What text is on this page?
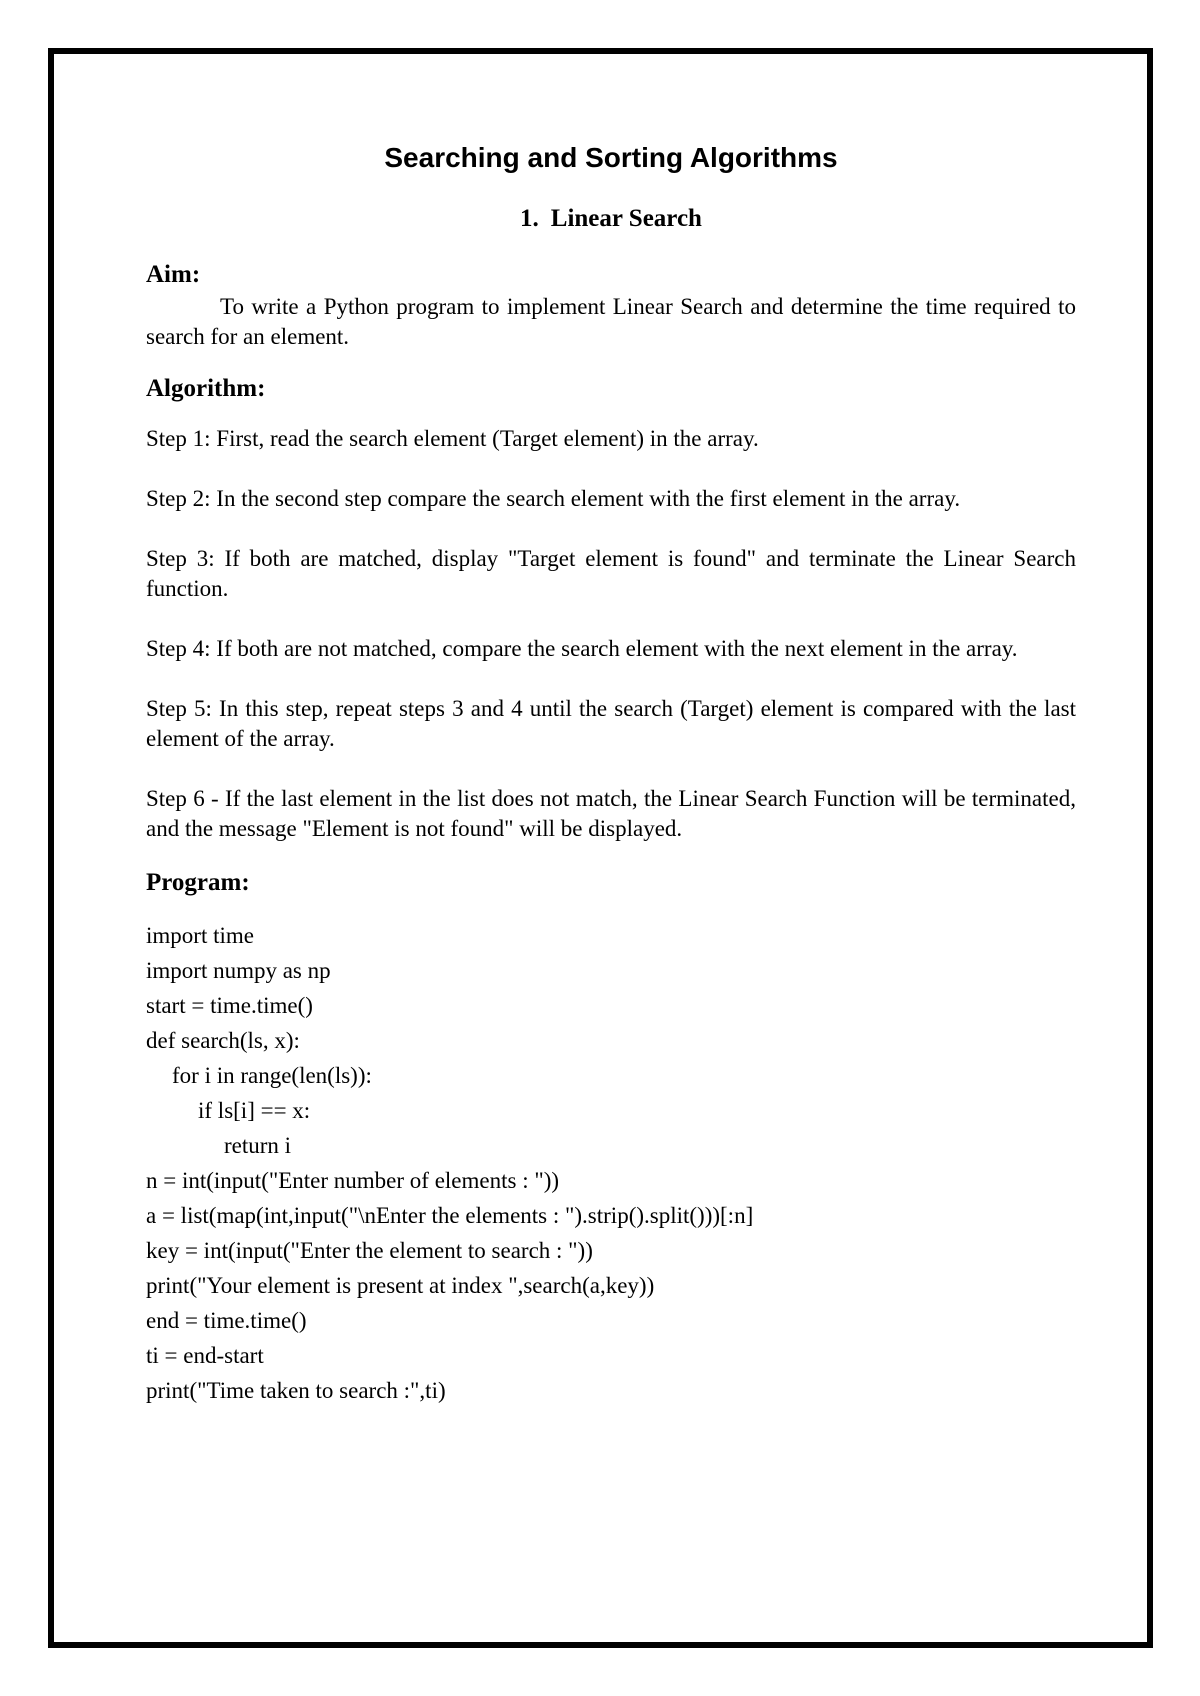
Searching and Sorting Algorithms
1. Linear Search
Aim:

To write a Python program to implement Linear Search and determine the time required to search for an element.

Algorithm:

Step 1: First, read the search element (Target element) in the array.

Step 2: In the second step compare the search element with the first element in the array.

Step 3: If both are matched, display "Target element is found" and terminate the Linear Search function.

Step 4: If both are not matched, compare the search element with the next element in the array.

Step 5: In this step, repeat steps 3 and 4 until the search (Target) element is compared with the last element of the array.

Step 6 - If the last element in the list does not match, the Linear Search Function will be terminated, and the message "Element is not found" will be displayed.

Program:

import time

import numpy as np

start = time.time()

def search(ls, x):

for i in range(len(ls)):

if ls[i] == x:

return i

n = int(input("Enter number of elements : "))

a = list(map(int,input("\nEnter the elements : ").strip().split()))[:n]

key = int(input("Enter the element to search : "))

print("Your element is present at index ",search(a,key))

end = time.time()

ti = end-start

print("Time taken to search :",ti)
